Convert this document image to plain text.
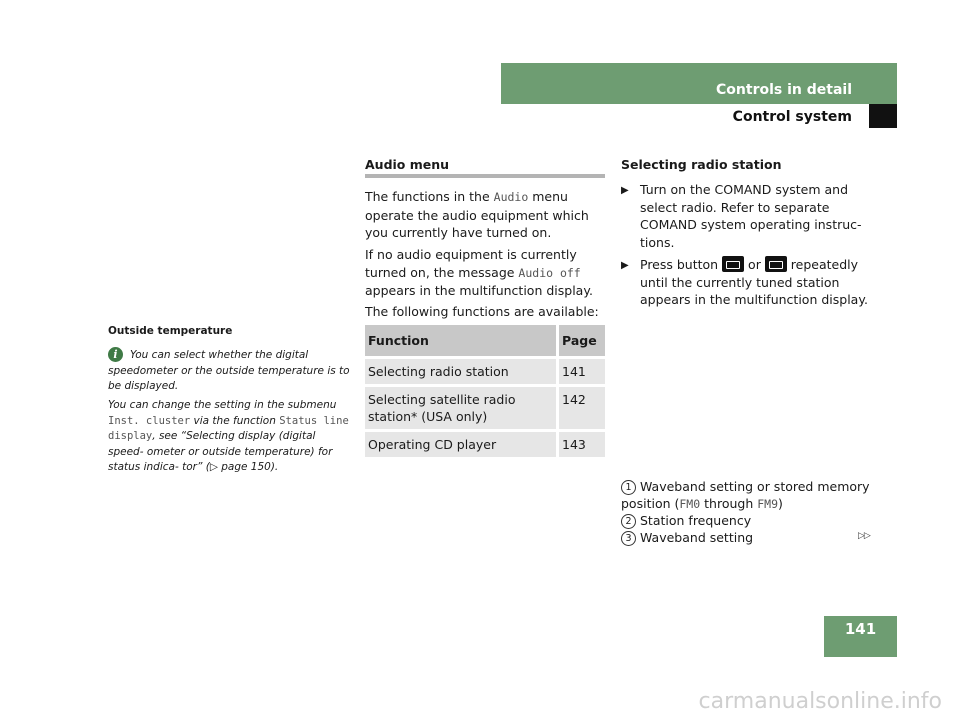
Controls in detail
Control system
Outside temperature
i	You can select whether the digital speedometer or the outside temperature is to be displayed.
You can change the setting in the submenu Inst. cluster via the function Status line display, see “Selecting display (digital speed- ometer or outside temperature) for status indica- tor” (▷ page 150).
Audio menu
The functions in the Audio menu operate the audio equipment which you currently have turned on.
If no audio equipment is currently turned on, the message Audio off appears in the multifunction display.
The following functions are available:
Function	Page
Selecting radio station	141
Selecting satellite radio station* (USA only)	142
Operating CD player	143
Selecting radio station
▶ Turn on the COMAND system and select radio. Refer to separate COMAND system operating instruc- tions.
▶ Press button  or  repeatedly until the currently tuned station appears in the multifunction display.
1 Waveband setting or stored memory position (FM0 through FM9)
2 Station frequency
3 Waveband setting	▷▷
141
carmanualsonline.info
